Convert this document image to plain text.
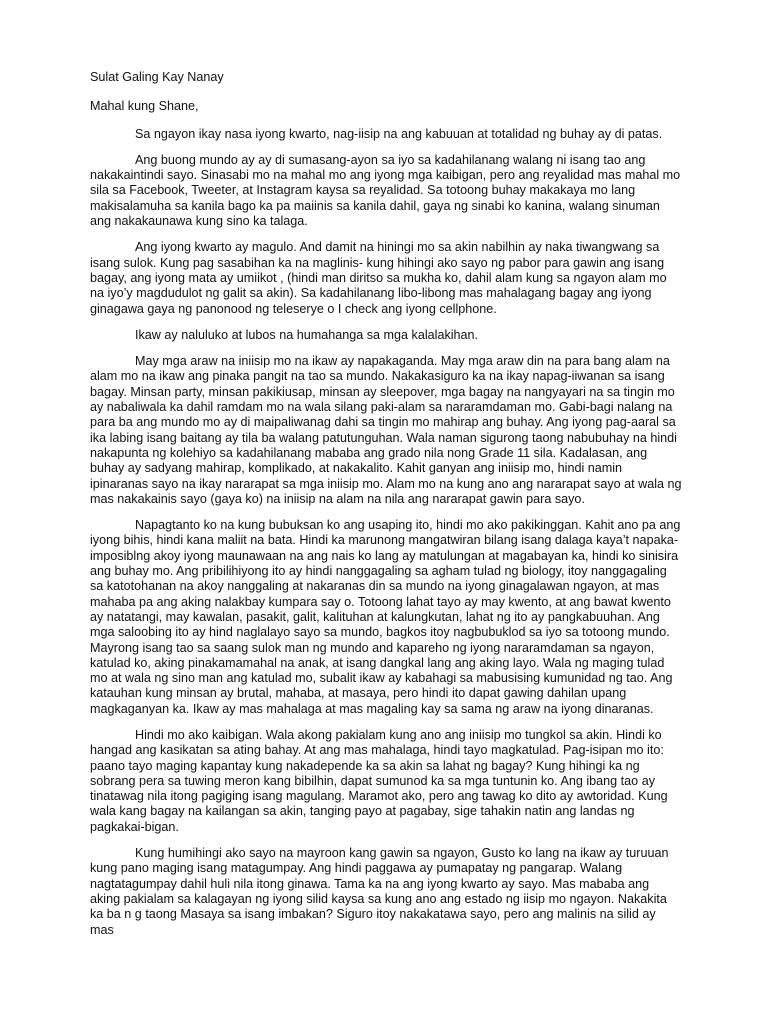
Sulat Galing Kay Nanay
Mahal kung Shane,

Sa ngayon ikay nasa iyong kwarto, nag-iisip na ang kabuuan at totalidad ng buhay ay di patas.

Ang buong mundo ay ay di sumasang-ayon sa iyo sa kadahilanang walang ni isang tao ang nakakaintindi sayo. Sinasabi mo na mahal mo ang iyong mga kaibigan, pero ang reyalidad mas mahal mo sila sa Facebook, Tweeter, at Instagram kaysa sa reyalidad. Sa totoong buhay makakaya mo lang makisalamuha sa kanila bago ka pa maiinis sa kanila dahil, gaya ng sinabi ko kanina, walang sinuman ang nakakaunawa kung sino ka talaga.

Ang iyong kwarto ay magulo. And damit na hiningi mo sa akin nabilhin ay naka tiwangwang sa isang sulok. Kung pag sasabihan ka na maglinis- kung hihingi ako sayo ng pabor para gawin ang isang bagay, ang iyong mata ay umiikot , (hindi man diritso sa mukha ko, dahil alam kung sa ngayon alam mo na iyo’y magdudulot ng galit sa akin). Sa kadahilanang libo-libong mas mahalagang bagay ang iyong ginagawa gaya ng panonood ng teleserye o I check ang iyong cellphone.

Ikaw ay naluluko at lubos na humahanga sa mga kalalakihan.

May mga araw na iniisip mo na ikaw ay napakaganda. May mga araw din na para bang alam na alam mo na ikaw ang pinaka pangit na tao sa mundo. Nakakasiguro ka na ikay napag-iiwanan sa isang bagay. Minsan party, minsan pakikiusap, minsan ay sleepover, mga bagay na nangyayari na sa tingin mo ay nabaliwala ka dahil ramdam mo na wala silang paki-alam sa nararamdaman mo. Gabi-bagi nalang na para ba ang mundo mo ay di maipaliwanag dahi sa tingin mo mahirap ang buhay. Ang iyong pag-aaral sa ika labing isang baitang ay tila ba walang patutunguhan. Wala naman sigurong taong nabubuhay na hindi nakapunta ng kolehiyo sa kadahilanang mababa ang grado nila nong Grade 11 sila. Kadalasan, ang buhay ay sadyang mahirap, komplikado, at nakakalito. Kahit ganyan ang iniisip mo, hindi namin ipinaranas sayo na ikay nararapat sa mga iniisip mo. Alam mo na kung ano ang nararapat sayo at wala ng mas nakakainis sayo (gaya ko) na iniisip na alam na nila ang nararapat gawin para sayo.

Napagtanto ko na kung bubuksan ko ang usaping ito, hindi mo ako pakikinggan. Kahit ano pa ang iyong bihis, hindi kana maliit na bata. Hindi ka marunong mangatwiran bilang isang dalaga kaya’t napaka-imposiblng akoy iyong maunawaan na ang nais ko lang ay matulungan at magabayan ka, hindi ko sinisira ang buhay mo. Ang pribilihiyong ito ay hindi nanggagaling sa agham tulad ng biology, itoy nanggagaling sa katotohanan na akoy nanggaling at nakaranas din sa mundo na iyong ginagalawan ngayon, at mas mahaba pa ang aking nalakbay kumpara say o. Totoong lahat tayo ay may kwento, at ang bawat kwento ay natatangi, may kawalan, pasakit, galit, kalituhan at kalungkutan, lahat ng ito ay pangkabuuhan. Ang mga saloobing ito ay hind naglalayo sayo sa mundo, bagkos itoy nagbubuklod sa iyo sa totoong mundo. Mayrong isang tao sa saang sulok man ng mundo and kapareho ng iyong nararamdaman sa ngayon, katulad ko, aking pinakamamahal na anak, at isang dangkal lang ang aking layo. Wala ng maging tulad mo at wala ng sino man ang katulad mo, subalit ikaw ay kabahagi sa mabusising kumunidad ng tao. Ang katauhan kung minsan ay brutal, mahaba, at masaya, pero hindi ito dapat gawing dahilan upang magkaganyan ka. Ikaw ay mas mahalaga at mas magaling kay sa sama ng araw na iyong dinaranas.

Hindi mo ako kaibigan. Wala akong pakialam kung ano ang iniisip mo tungkol sa akin. Hindi ko hangad ang kasikatan sa ating bahay. At ang mas mahalaga, hindi tayo magkatulad. Pag-isipan mo ito: paano tayo maging kapantay kung nakadepende ka sa akin sa lahat ng bagay? Kung hihingi ka ng sobrang pera sa tuwing meron kang bibilhin, dapat sumunod ka sa mga tuntunin ko. Ang ibang tao ay tinatawag nila itong pagiging isang magulang. Maramot ako, pero ang tawag ko dito ay awtoridad. Kung wala kang bagay na kailangan sa akin, tanging payo at pagabay, sige tahakin natin ang landas ng pagkakai-bigan.

Kung humihingi ako sayo na mayroon kang gawin sa ngayon, Gusto ko lang na ikaw ay turuuan kung pano maging isang matagumpay. Ang hindi paggawa ay pumapatay ng pangarap. Walang nagtatagumpay dahil huli nila itong ginawa. Tama ka na ang iyong kwarto ay sayo. Mas mababa ang aking pakialam sa kalagayan ng iyong silid kaysa sa kung ano ang estado ng iisip mo ngayon. Nakakita ka ba n g taong Masaya sa isang imbakan? Siguro itoy nakakatawa sayo, pero ang malinis na silid ay mas
